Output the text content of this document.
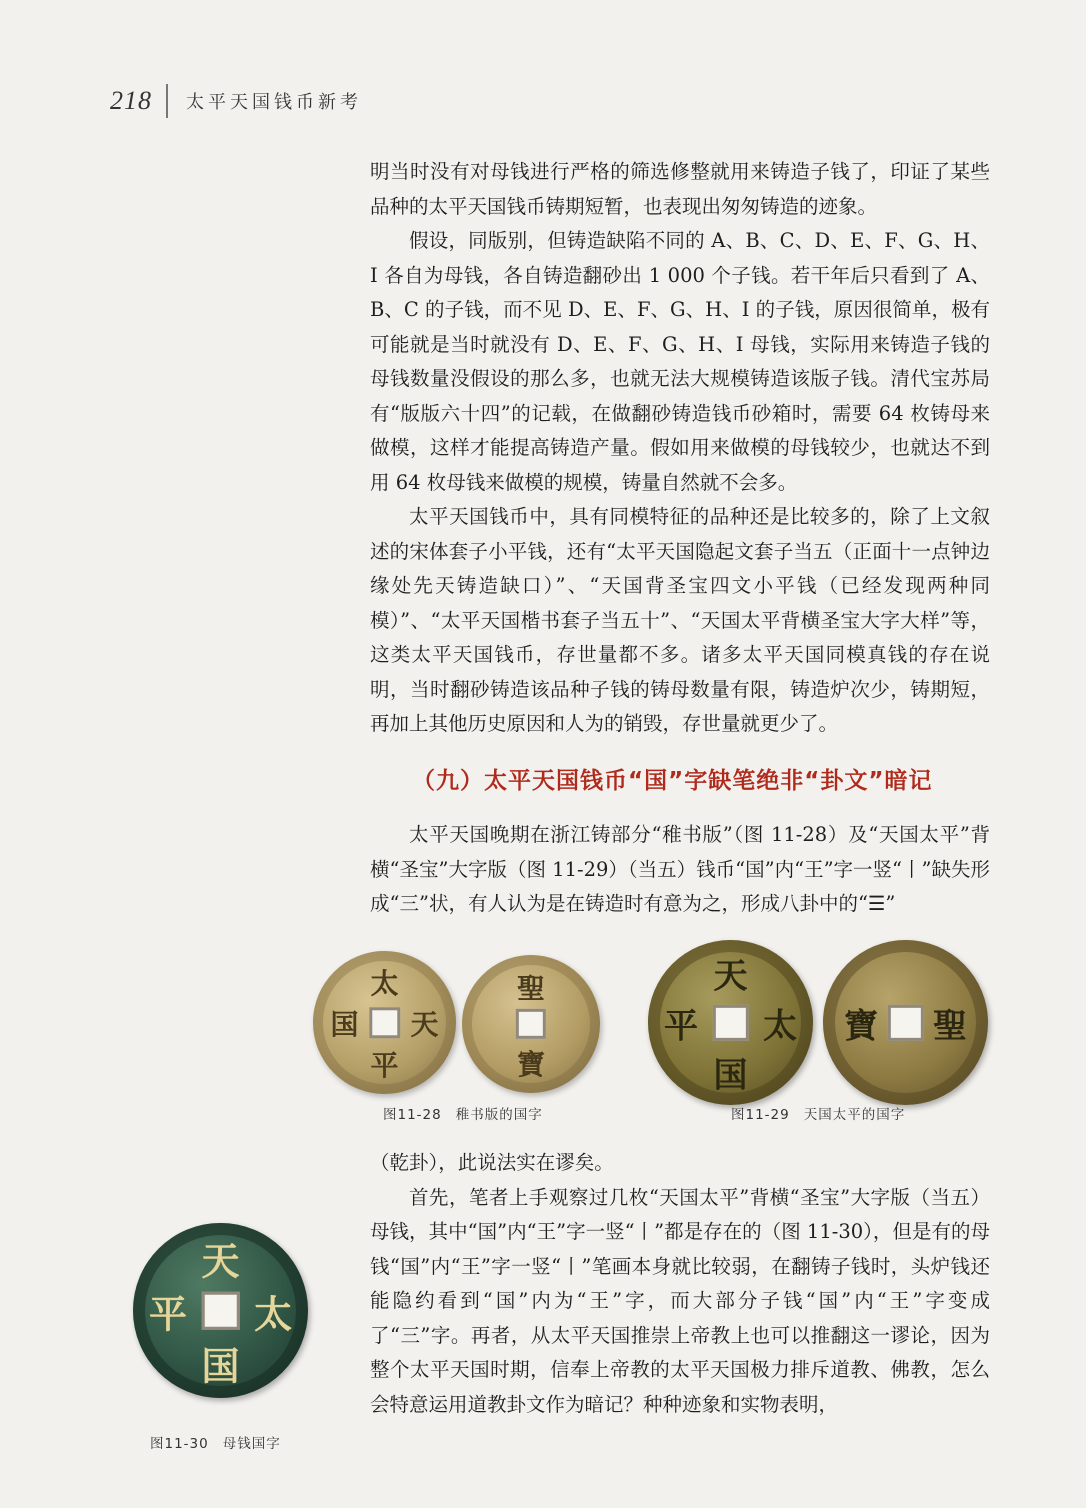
218 太平天国钱币新考

明当时没有对母钱进行严格的筛选修整就用来铸造子钱了，印证了某些品种的太平天国钱币铸期短暂，也表现出匆匆铸造的迹象。

假设，同版别，但铸造缺陷不同的 A、B、C、D、E、F、G、H、I 各自为母钱，各自铸造翻砂出 1 000 个子钱。若干年后只看到了 A、B、C 的子钱，而不见 D、E、F、G、H、I 的子钱，原因很简单，极有可能就是当时就没有 D、E、F、G、H、I 母钱，实际用来铸造子钱的母钱数量没假设的那么多，也就无法大规模铸造该版子钱。清代宝苏局有“版版六十四”的记载，在做翻砂铸造钱币砂箱时，需要 64 枚铸母来做模，这样才能提高铸造产量。假如用来做模的母钱较少，也就达不到用 64 枚母钱来做模的规模，铸量自然就不会多。

太平天国钱币中，具有同模特征的品种还是比较多的，除了上文叙述的宋体套子小平钱，还有“太平天国隐起文套子当五（正面十一点钟边缘处先天铸造缺口）”、“天国背圣宝四文小平钱（已经发现两种同模）”、“太平天国楷书套子当五十”、“天国太平背横圣宝大字大样”等，这类太平天国钱币，存世量都不多。诸多太平天国同模真钱的存在说明，当时翻砂铸造该品种子钱的铸母数量有限，铸造炉次少，铸期短，再加上其他历史原因和人为的销毁，存世量就更少了。

（九）太平天国钱币“国”字缺笔绝非“卦文”暗记

太平天国晚期在浙江铸部分“稚书版”（图 11-28）及“天国太平”背横“圣宝”大字版（图 11-29）（当五）钱币“国”内“王”字一竖“丨”缺失形成“三”状，有人认为是在铸造时有意为之，形成八卦中的“☰”

太
平
国 天
聖
寶
图11-28 稚书版的国字
天
国
平 太	聖
寶
图11-29 天国太平的国字

（乾卦），此说法实在谬矣。

首先，笔者上手观察过几枚“天国太平”背横“圣宝”大字版（当五）母钱，其中“国”内“王”字一竖“丨”都是存在的（图 11-30），但是有的母钱“国”内“王”字一竖“丨”笔画本身就比较弱，在翻铸子钱时，头炉钱还能隐约看到“国”内为“王”字，而大部分子钱“国”内“王”字变成了“三”字。再者，从太平天国推崇上帝教上也可以推翻这一谬论，因为整个太平天国时期，信奉上帝教的太平天国极力排斥道教、佛教，怎么会特意运用道教卦文作为暗记？种种迹象和实物表明，

天
国
平 太
图11-30 母钱国字
